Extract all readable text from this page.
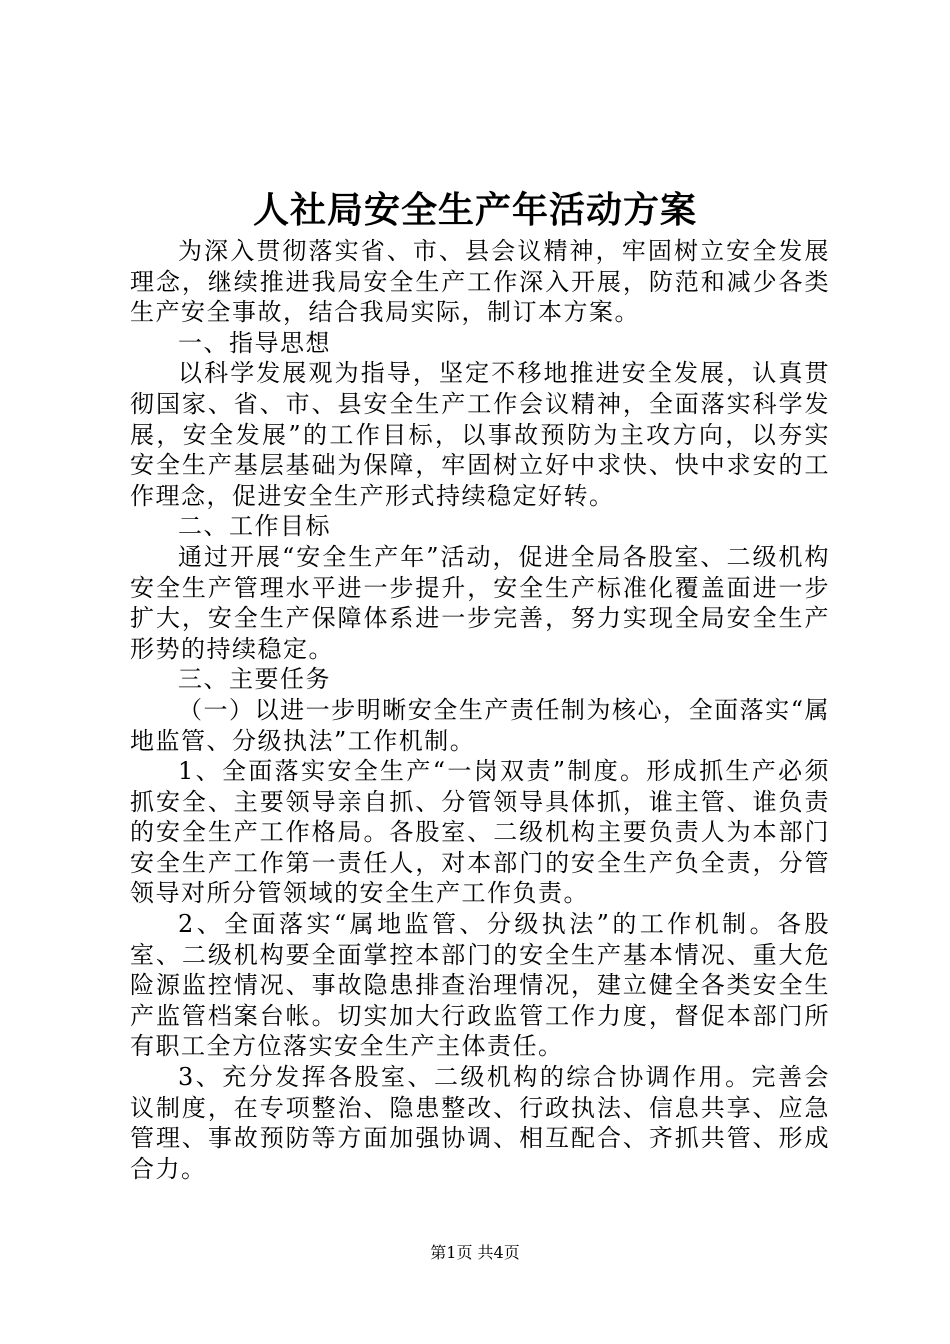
人社局安全生产年活动方案

为深入贯彻落实省、市、县会议精神，牢固树立安全发展理念，继续推进我局安全生产工作深入开展，防范和减少各类生产安全事故，结合我局实际，制订本方案。

一、指导思想

以科学发展观为指导，坚定不移地推进安全发展，认真贯彻国家、省、市、县安全生产工作会议精神，全面落实科学发展，安全发展”的工作目标，以事故预防为主攻方向，以夯实安全生产基层基础为保障，牢固树立好中求快、快中求安的工作理念，促进安全生产形式持续稳定好转。

二、工作目标

通过开展“安全生产年”活动，促进全局各股室、二级机构安全生产管理水平进一步提升，安全生产标准化覆盖面进一步扩大，安全生产保障体系进一步完善，努力实现全局安全生产形势的持续稳定。

三、主要任务

（一）以进一步明晰安全生产责任制为核心，全面落实“属地监管、分级执法”工作机制。

1、全面落实安全生产“一岗双责”制度。形成抓生产必须抓安全、主要领导亲自抓、分管领导具体抓，谁主管、谁负责的安全生产工作格局。各股室、二级机构主要负责人为本部门安全生产工作第一责任人，对本部门的安全生产负全责，分管领导对所分管领域的安全生产工作负责。

2、全面落实“属地监管、分级执法”的工作机制。各股室、二级机构要全面掌控本部门的安全生产基本情况、重大危险源监控情况、事故隐患排查治理情况，建立健全各类安全生产监管档案台帐。切实加大行政监管工作力度，督促本部门所有职工全方位落实安全生产主体责任。

3、充分发挥各股室、二级机构的综合协调作用。完善会议制度，在专项整治、隐患整改、行政执法、信息共享、应急管理、事故预防等方面加强协调、相互配合、齐抓共管、形成合力。

第1页 共4页
